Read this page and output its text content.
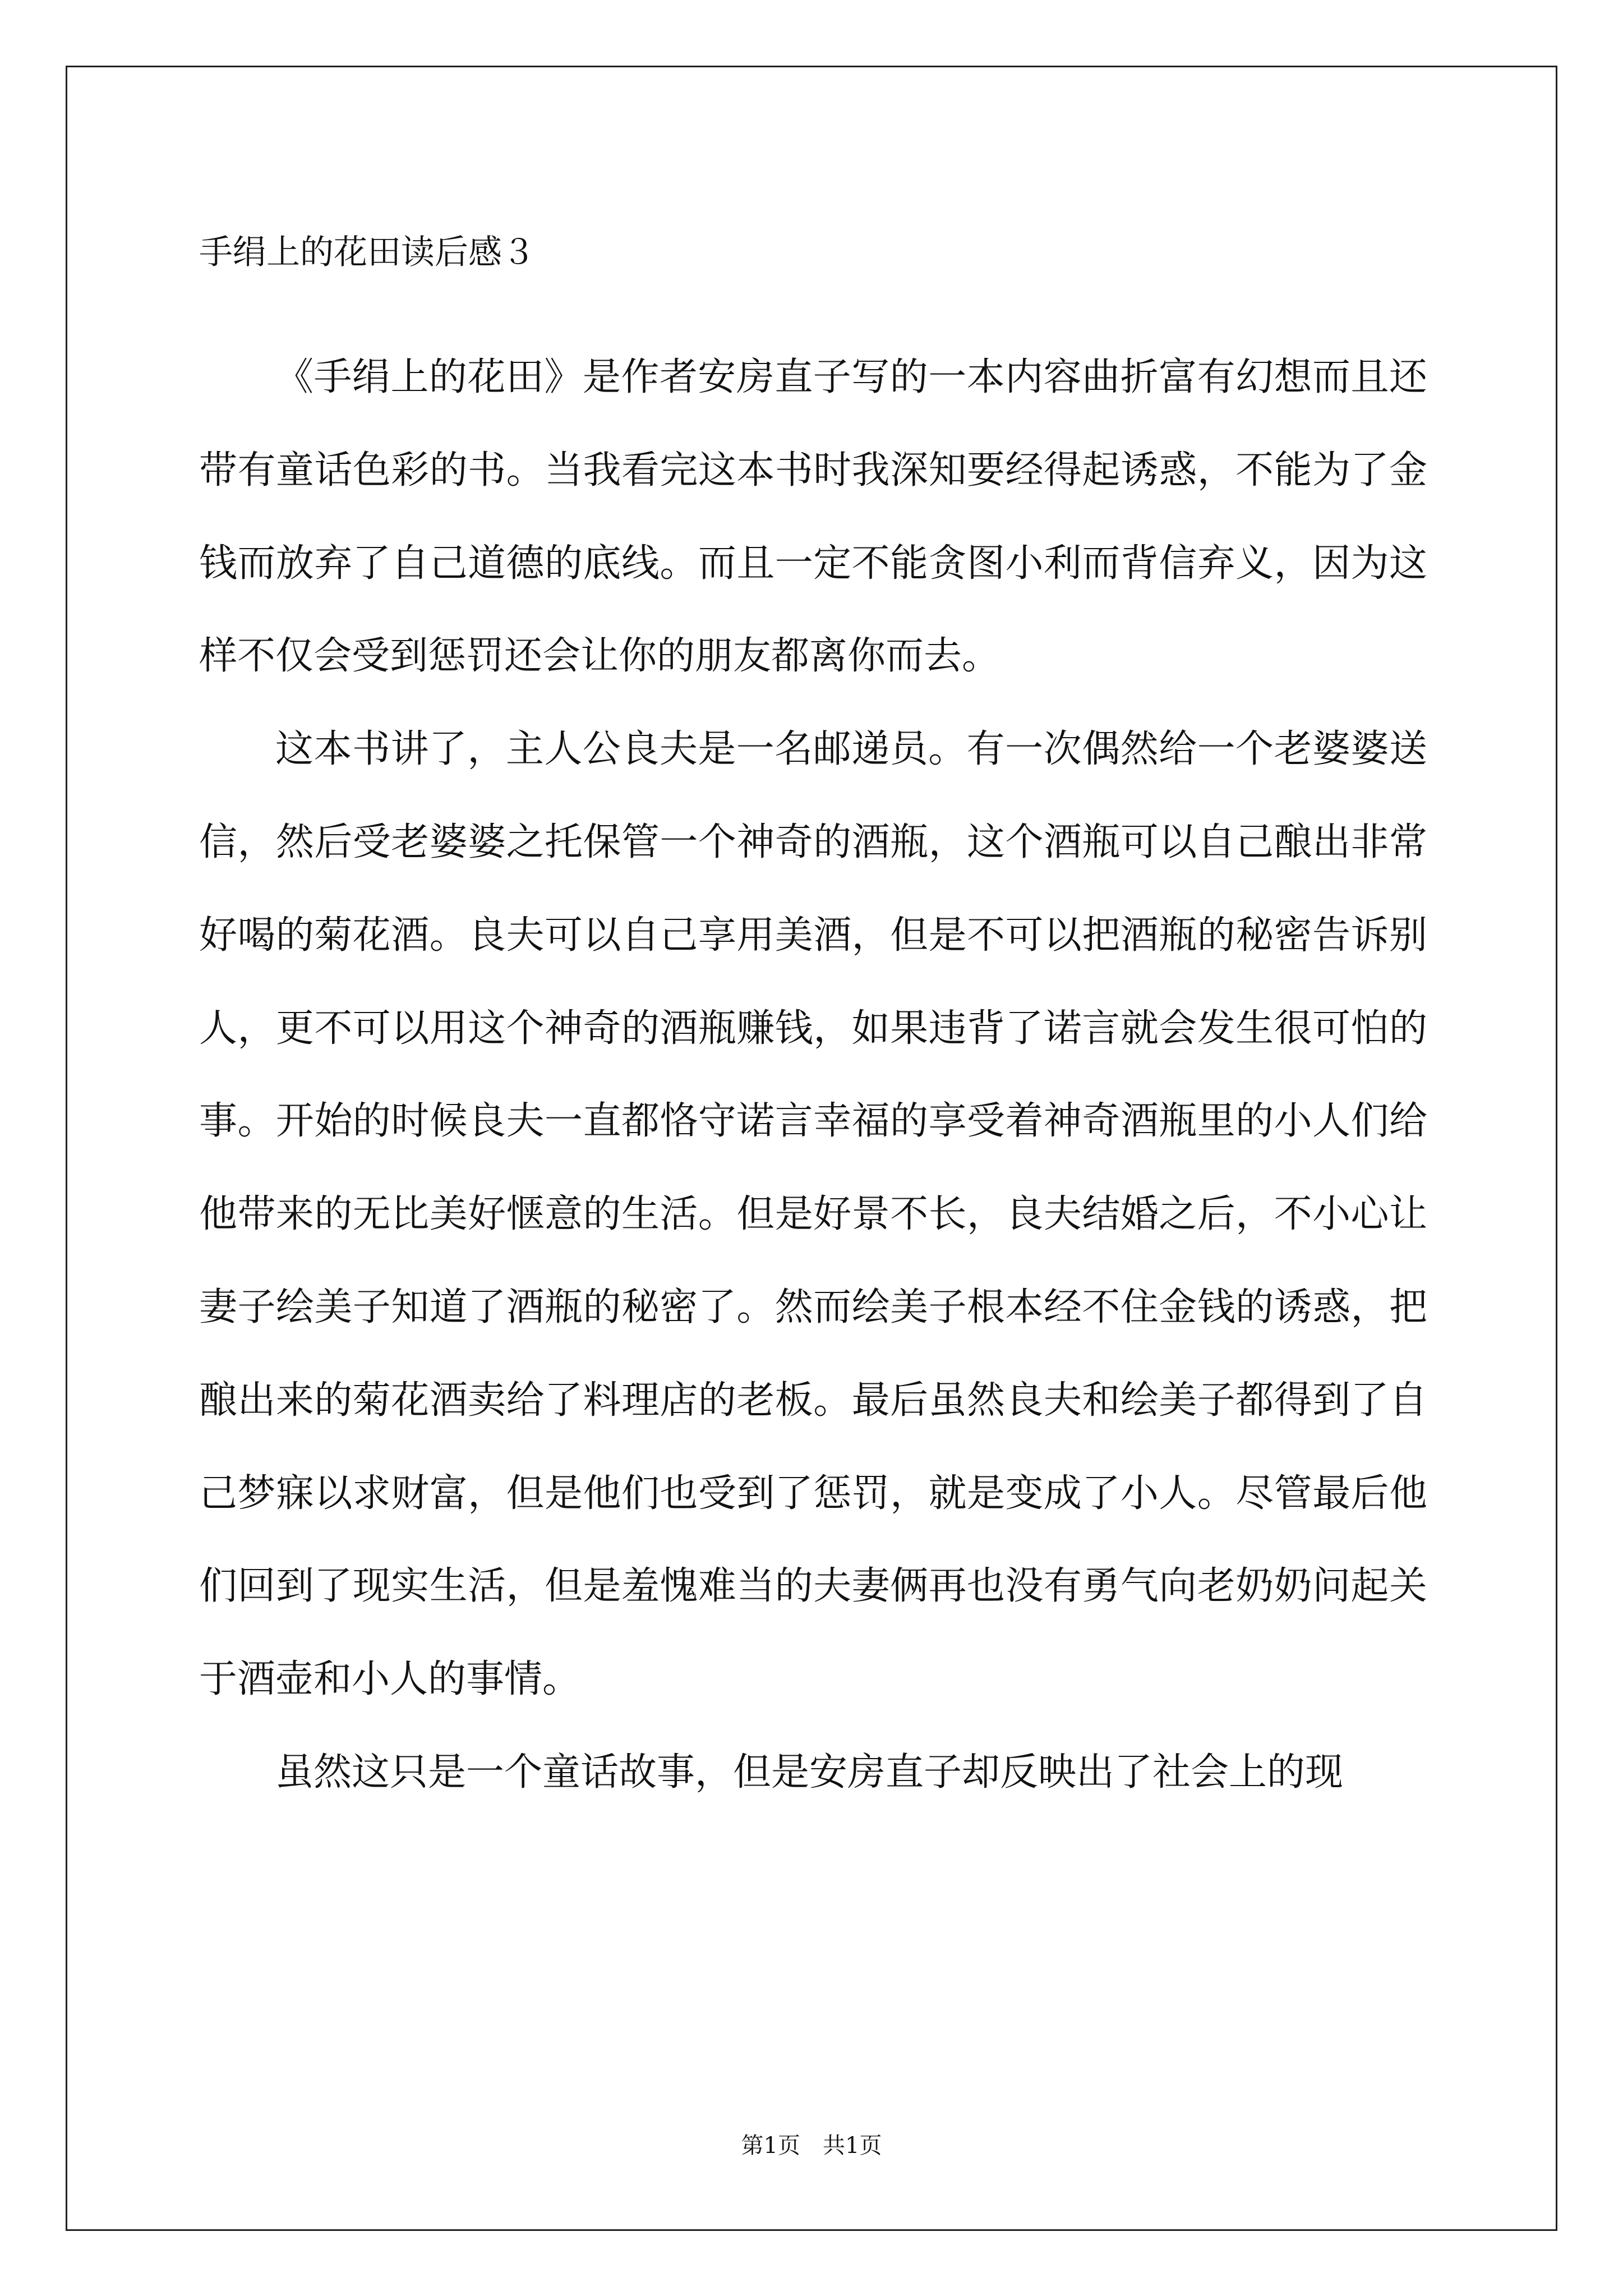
手绢上的花田读后感３

《手绢上的花田》是作者安房直子写的一本内容曲折富有幻想而且还带有童话色彩的书。当我看完这本书时我深知要经得起诱惑，不能为了金钱而放弃了自己道德的底线。而且一定不能贪图小利而背信弃义，因为这样不仅会受到惩罚还会让你的朋友都离你而去。

这本书讲了，主人公良夫是一名邮递员。有一次偶然给一个老婆婆送信，然后受老婆婆之托保管一个神奇的酒瓶，这个酒瓶可以自己酿出非常好喝的菊花酒。良夫可以自己享用美酒，但是不可以把酒瓶的秘密告诉别人，更不可以用这个神奇的酒瓶赚钱，如果违背了诺言就会发生很可怕的事。开始的时候良夫一直都恪守诺言幸福的享受着神奇酒瓶里的小人们给他带来的无比美好惬意的生活。但是好景不长，良夫结婚之后，不小心让妻子绘美子知道了酒瓶的秘密了。然而绘美子根本经不住金钱的诱惑，把酿出来的菊花酒卖给了料理店的老板。最后虽然良夫和绘美子都得到了自己梦寐以求财富，但是他们也受到了惩罚，就是变成了小人。尽管最后他们回到了现实生活，但是羞愧难当的夫妻俩再也没有勇气向老奶奶问起关于酒壶和小人的事情。

虽然这只是一个童话故事，但是安房直子却反映出了社会上的现

第1页　共1页
